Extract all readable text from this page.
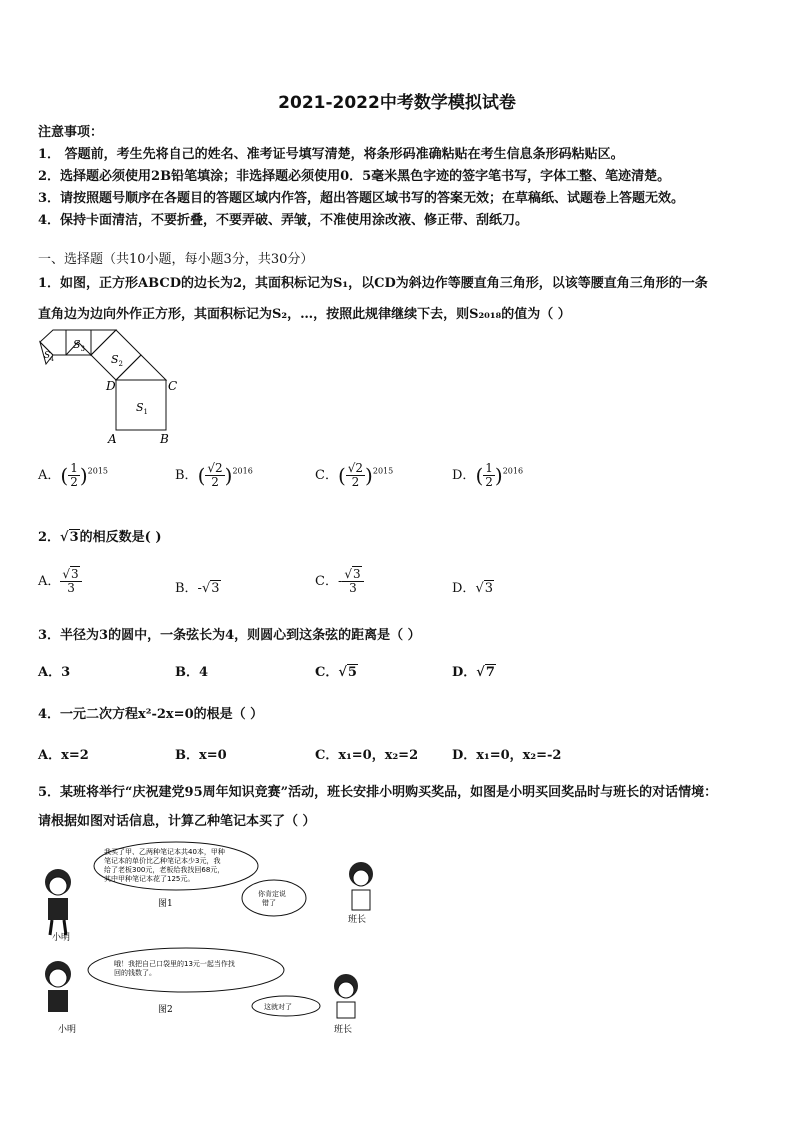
2021-2022中考数学模拟试卷
注意事项：
1． 答题前，考生先将自己的姓名、准考证号填写清楚，将条形码准确粘贴在考生信息条形码粘贴区。
2．选择题必须使用2B铅笔填涂；非选择题必须使用0．5毫米黑色字迹的签字笔书写，字体工整、笔迹清楚。
3．请按照题号顺序在各题目的答题区域内作答，超出答题区域书写的答案无效；在草稿纸、试题卷上答题无效。
4．保持卡面清洁，不要折叠，不要弄破、弄皱，不准使用涂改液、修正带、刮纸刀。
一、选择题（共10小题，每小题3分，共30分）
1．如图，正方形ABCD的边长为2，其面积标记为S₁，以CD为斜边作等腰直角三角形，以该等腰直角三角形的一条
直角边为边向外作正方形，其面积标记为S₂，…，按照此规律继续下去，则S₂₀₁₈的值为（ ）
$S_1$
$S_2$
$S_3$
$S_4$
D	C
A	B
A．( $\frac{1}{2} )^{2015}$	B．( $\frac{√2}{2} )^{2016}$	C．( $\frac{√2}{2} )^{2015}$	D．( $\frac{1}{2} )^{2016}$
2．√3的相反数是( )
A． $\frac{√3}{3}$	B．-√3	C．- $\frac{√3}{3}$	D．√3
3．半径为3的圆中，一条弦长为4，则圆心到这条弦的距离是（ ）
A．3	B．4	C．√5	D．√7
4．一元二次方程x²-2x=0的根是（ ）
A．x=2	B．x=0	C．x₁=0，x₂=2	D．x₁=0，x₂=-2
5．某班将举行“庆祝建党95周年知识竞赛”活动，班长安排小明购买奖品，如图是小明买回奖品时与班长的对话情境：
请根据如图对话信息，计算乙种笔记本买了（ ）
我买了甲、乙两种笔记本共40本，甲种 笔记本的单价比乙种笔记本少3元，我 给了老板300元，老板给我找回68元， 其中甲种笔记本花了125元。
图1
你肯定说 错了
班长
小明
哦！我把自己口袋里的13元一起当作找 回的钱数了。
图2	这就对了
小明	班长
